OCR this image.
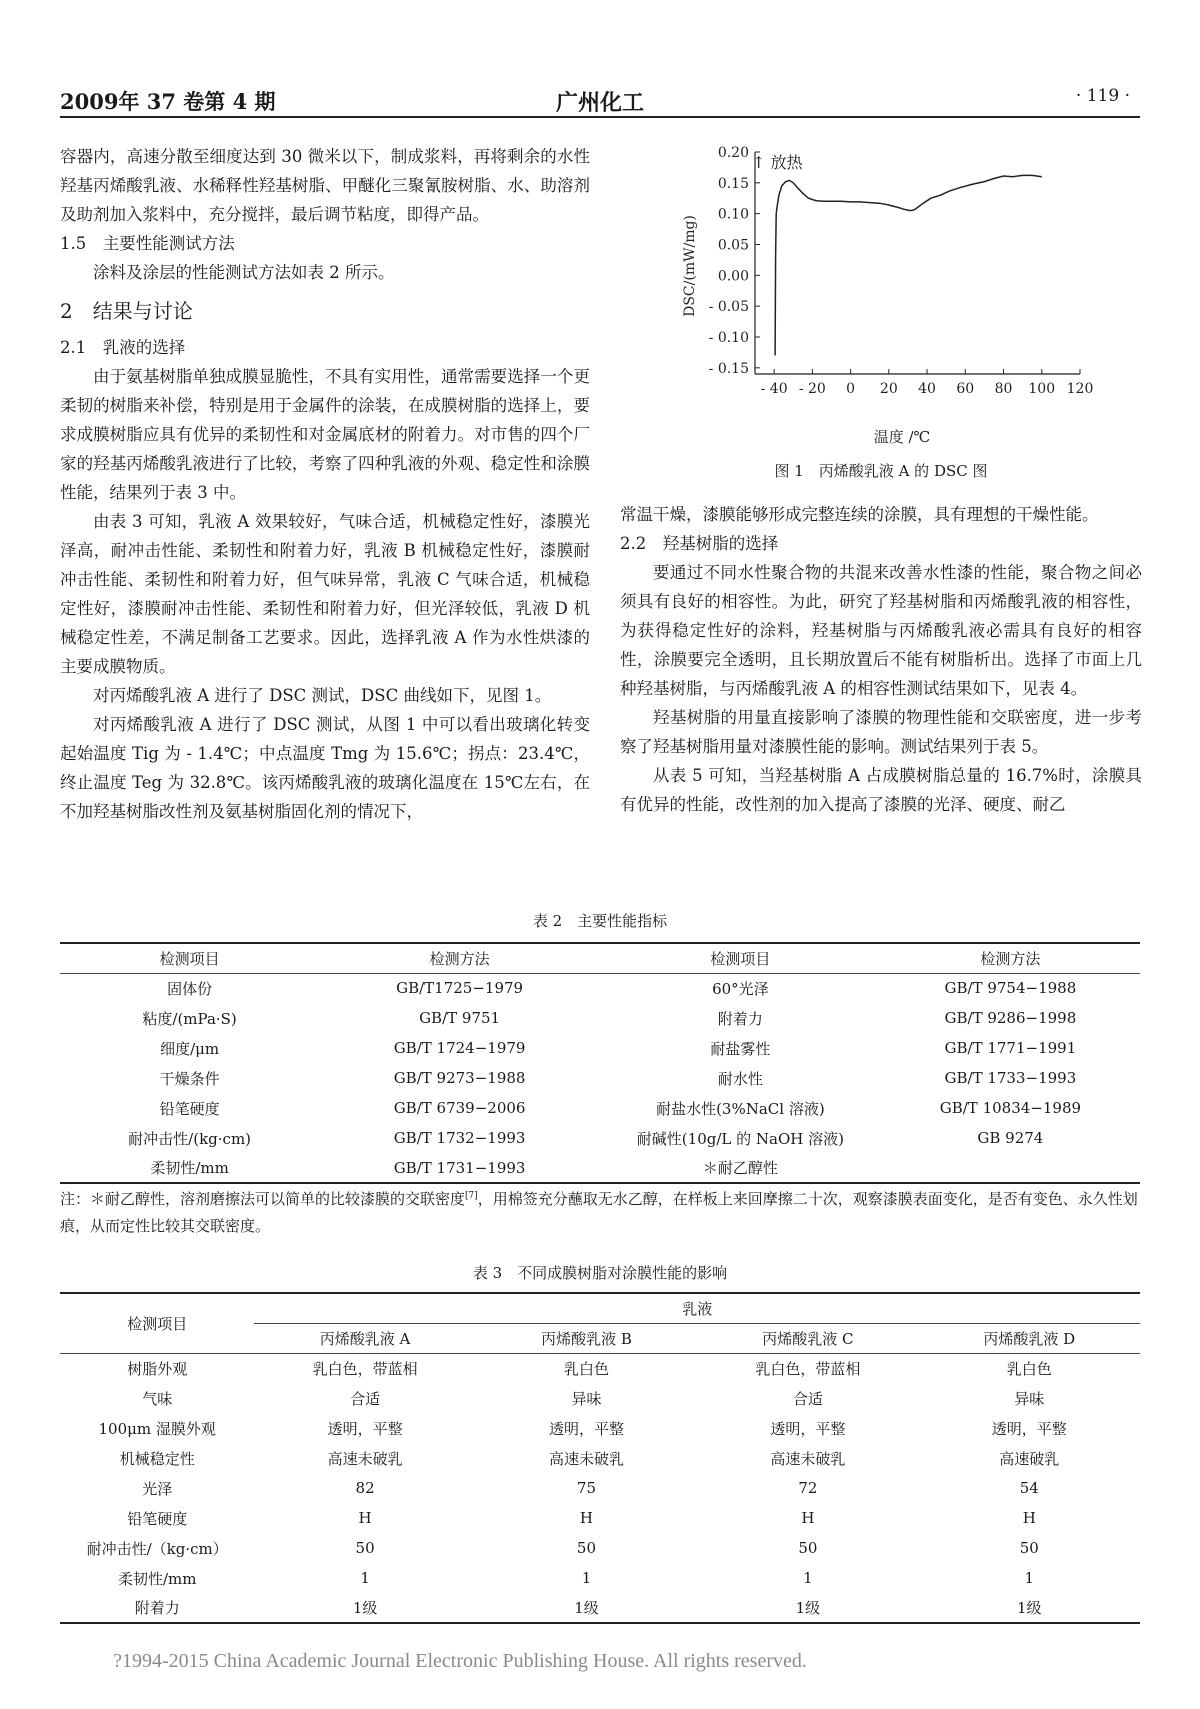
2009年 37 卷第 4 期	广州化工	· 119 ·

容器内，高速分散至细度达到 30 微米以下，制成浆料，再将剩余的水性羟基丙烯酸乳液、水稀释性羟基树脂、甲醚化三聚氰胺树脂、水、助溶剂及助剂加入浆料中，充分搅拌，最后调节粘度，即得产品。

1.5　主要性能测试方法

涂料及涂层的性能测试方法如表 2 所示。

2　结果与讨论

2.1　乳液的选择

由于氨基树脂单独成膜显脆性，不具有实用性，通常需要选择一个更柔韧的树脂来补偿，特别是用于金属件的涂装，在成膜树脂的选择上，要求成膜树脂应具有优异的柔韧性和对金属底材的附着力。对市售的四个厂家的羟基丙烯酸乳液进行了比较，考察了四种乳液的外观、稳定性和涂膜性能，结果列于表 3 中。

由表 3 可知，乳液 A 效果较好，气味合适，机械稳定性好，漆膜光泽高，耐冲击性能、柔韧性和附着力好，乳液 B 机械稳定性好，漆膜耐冲击性能、柔韧性和附着力好，但气味异常，乳液 C 气味合适，机械稳定性好，漆膜耐冲击性能、柔韧性和附着力好，但光泽较低，乳液 D 机械稳定性差，不满足制备工艺要求。因此，选择乳液 A 作为水性烘漆的主要成膜物质。

对丙烯酸乳液 A 进行了 DSC 测试，DSC 曲线如下，见图 1。

对丙烯酸乳液 A 进行了 DSC 测试，从图 1 中可以看出玻璃化转变起始温度 Tig 为 - 1.4℃；中点温度 Tmg 为 15.6℃；拐点：23.4℃，终止温度 Teg 为 32.8℃。该丙烯酸乳液的玻璃化温度在 15℃左右，在不加羟基树脂改性剂及氨基树脂固化剂的情况下，

0.20
0.15
0.10
0.05
0.00
- 0.05
- 0.10
- 0.15
- 40 - 20 0 20 40 60 80 100 120
↑ 放热
DSC/(mW/mg)
温度 /℃
图 1　丙烯酸乳液 A 的 DSC 图

常温干燥，漆膜能够形成完整连续的涂膜，具有理想的干燥性能。

2.2　羟基树脂的选择

要通过不同水性聚合物的共混来改善水性漆的性能，聚合物之间必须具有良好的相容性。为此，研究了羟基树脂和丙烯酸乳液的相容性，为获得稳定性好的涂料，羟基树脂与丙烯酸乳液必需具有良好的相容性，涂膜要完全透明，且长期放置后不能有树脂析出。选择了市面上几种羟基树脂，与丙烯酸乳液 A 的相容性测试结果如下，见表 4。

羟基树脂的用量直接影响了漆膜的物理性能和交联密度，进一步考察了羟基树脂用量对漆膜性能的影响。测试结果列于表 5。

从表 5 可知，当羟基树脂 A 占成膜树脂总量的 16.7%时，涂膜具有优异的性能，改性剂的加入提高了漆膜的光泽、硬度、耐乙

表 2　主要性能指标
检测项目	检测方法	检测项目	检测方法
固体份	GB/T1725−1979	60°光泽	GB/T 9754−1988
粘度/(mPa·S)	GB/T 9751	附着力	GB/T 9286−1998
细度/μm	GB/T 1724−1979	耐盐雾性	GB/T 1771−1991
干燥条件	GB/T 9273−1988	耐水性	GB/T 1733−1993
铅笔硬度	GB/T 6739−2006	耐盐水性(3%NaCl 溶液)	GB/T 10834−1989
耐冲击性/(kg·cm)	GB/T 1732−1993	耐碱性(10g/L 的 NaOH 溶液)	GB 9274
柔韧性/mm	GB/T 1731−1993	＊耐乙醇性	
注：＊耐乙醇性，溶剂磨擦法可以简单的比较漆膜的交联密度[7]，用棉签充分蘸取无水乙醇，在样板上来回摩擦二十次，观察漆膜表面变化，是否有变色、永久性划痕，从而定性比较其交联密度。
表 3　不同成膜树脂对涂膜性能的影响
检测项目	乳液			
	丙烯酸乳液 A	丙烯酸乳液 B	丙烯酸乳液 C	丙烯酸乳液 D
树脂外观	乳白色，带蓝相	乳白色	乳白色，带蓝相	乳白色
气味	合适	异味	合适	异味
100μm 湿膜外观	透明，平整	透明，平整	透明，平整	透明，平整
机械稳定性	高速未破乳	高速未破乳	高速未破乳	高速破乳
光泽	82	75	72	54
铅笔硬度	H	H	H	H
耐冲击性/（kg·cm）	50	50	50	50
柔韧性/mm	1	1	1	1
附着力	1级	1级	1级	1级
?1994-2015 China Academic Journal Electronic Publishing House. All rights reserved.
